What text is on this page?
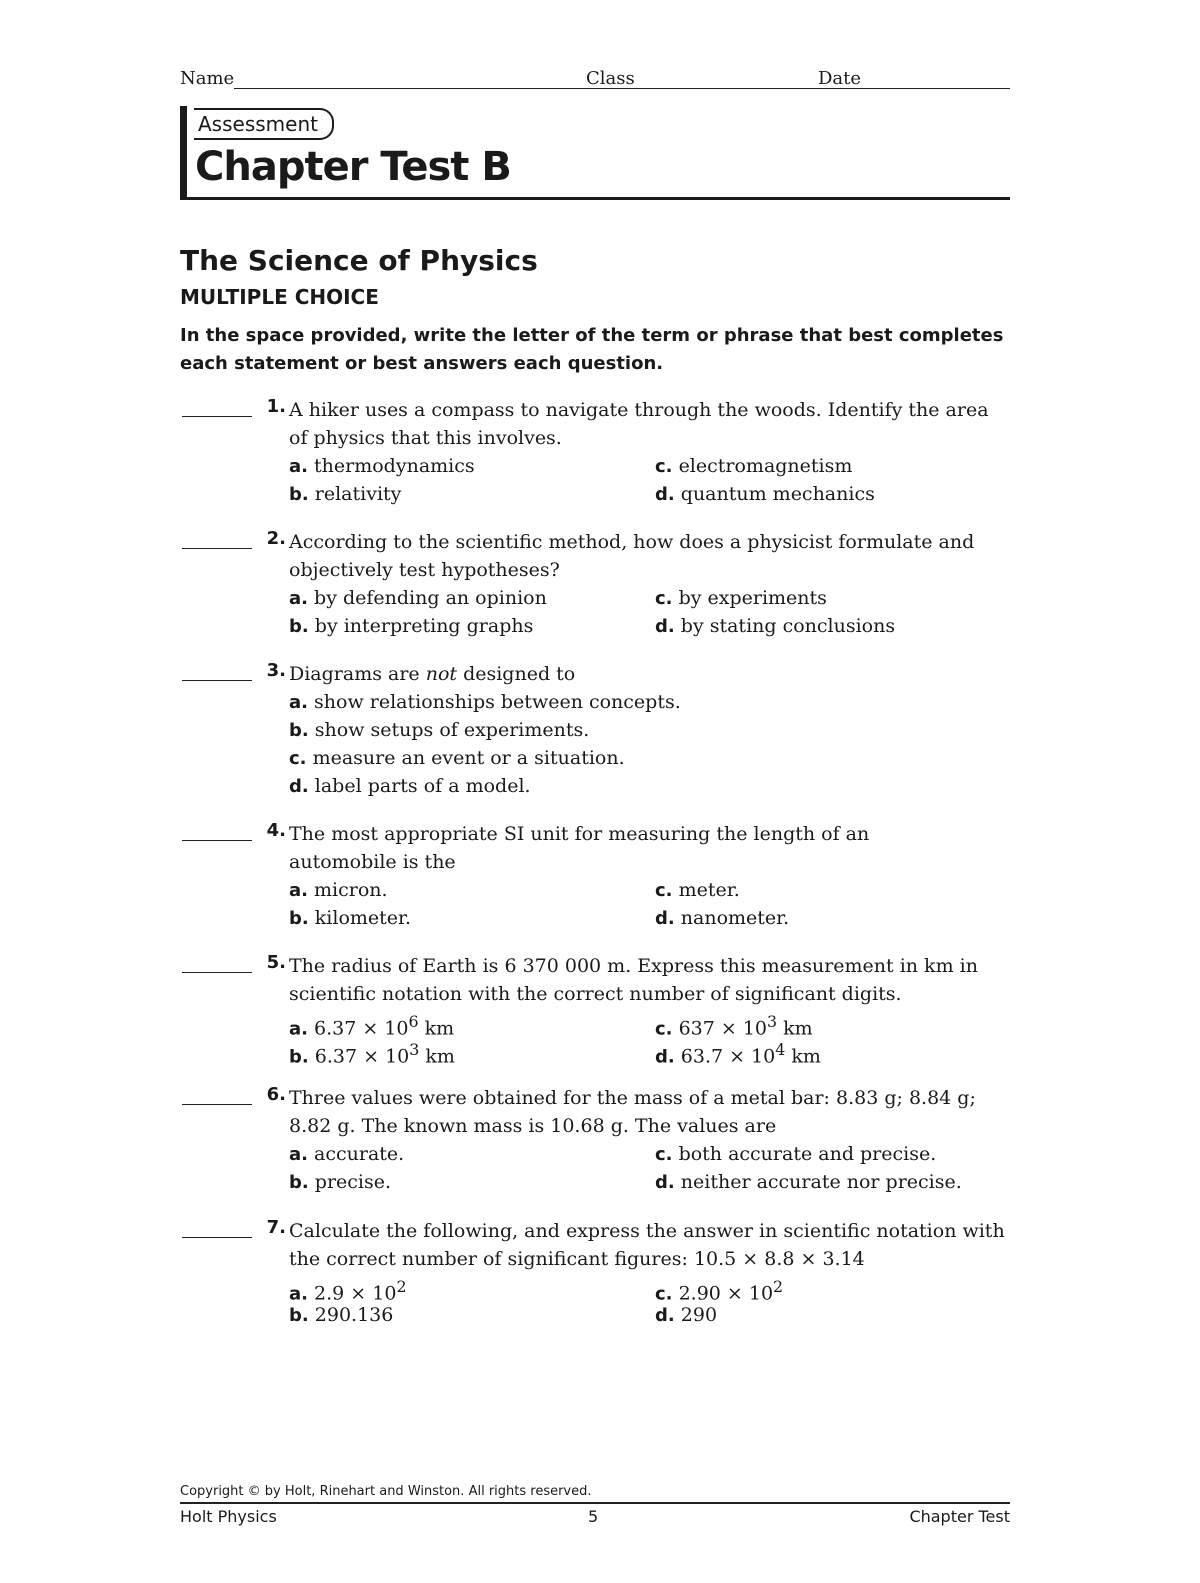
Name	Class	Date
Assessment
Chapter Test B
The Science of Physics
MULTIPLE CHOICE
In the space provided, write the letter of the term or phrase that best completes each statement or best answers each question.
1. A hiker uses a compass to navigate through the woods. Identify the area of physics that this involves.
a. thermodynamics
b. relativity
c. electromagnetism
d. quantum mechanics
2. According to the scientific method, how does a physicist formulate and objectively test hypotheses?
a. by defending an opinion
b. by interpreting graphs
c. by experiments
d. by stating conclusions
3. Diagrams are not designed to
a. show relationships between concepts.
b. show setups of experiments.
c. measure an event or a situation.
d. label parts of a model.
4. The most appropriate SI unit for measuring the length of an automobile is the
a. micron.
b. kilometer.
c. meter.
d. nanometer.
5. The radius of Earth is 6 370 000 m. Express this measurement in km in scientific notation with the correct number of significant digits.
a. $6.37 \times 10^6$ km
b. $6.37 \times 10^3$ km
c. $637 \times 10^3$ km
d. $63.7 \times 10^4$ km
6. Three values were obtained for the mass of a metal bar: 8.83 g; 8.84 g; 8.82 g. The known mass is 10.68 g. The values are
a. accurate.
b. precise.
c. both accurate and precise.
d. neither accurate nor precise.
7. Calculate the following, and express the answer in scientific notation with the correct number of significant figures: 10.5 × 8.8 × 3.14
a. $2.9 \times 10^2$
b. 290.136
c. $2.90 \times 10^2$
d. 290
Copyright © by Holt, Rinehart and Winston. All rights reserved.
Holt Physics	5	Chapter Test
